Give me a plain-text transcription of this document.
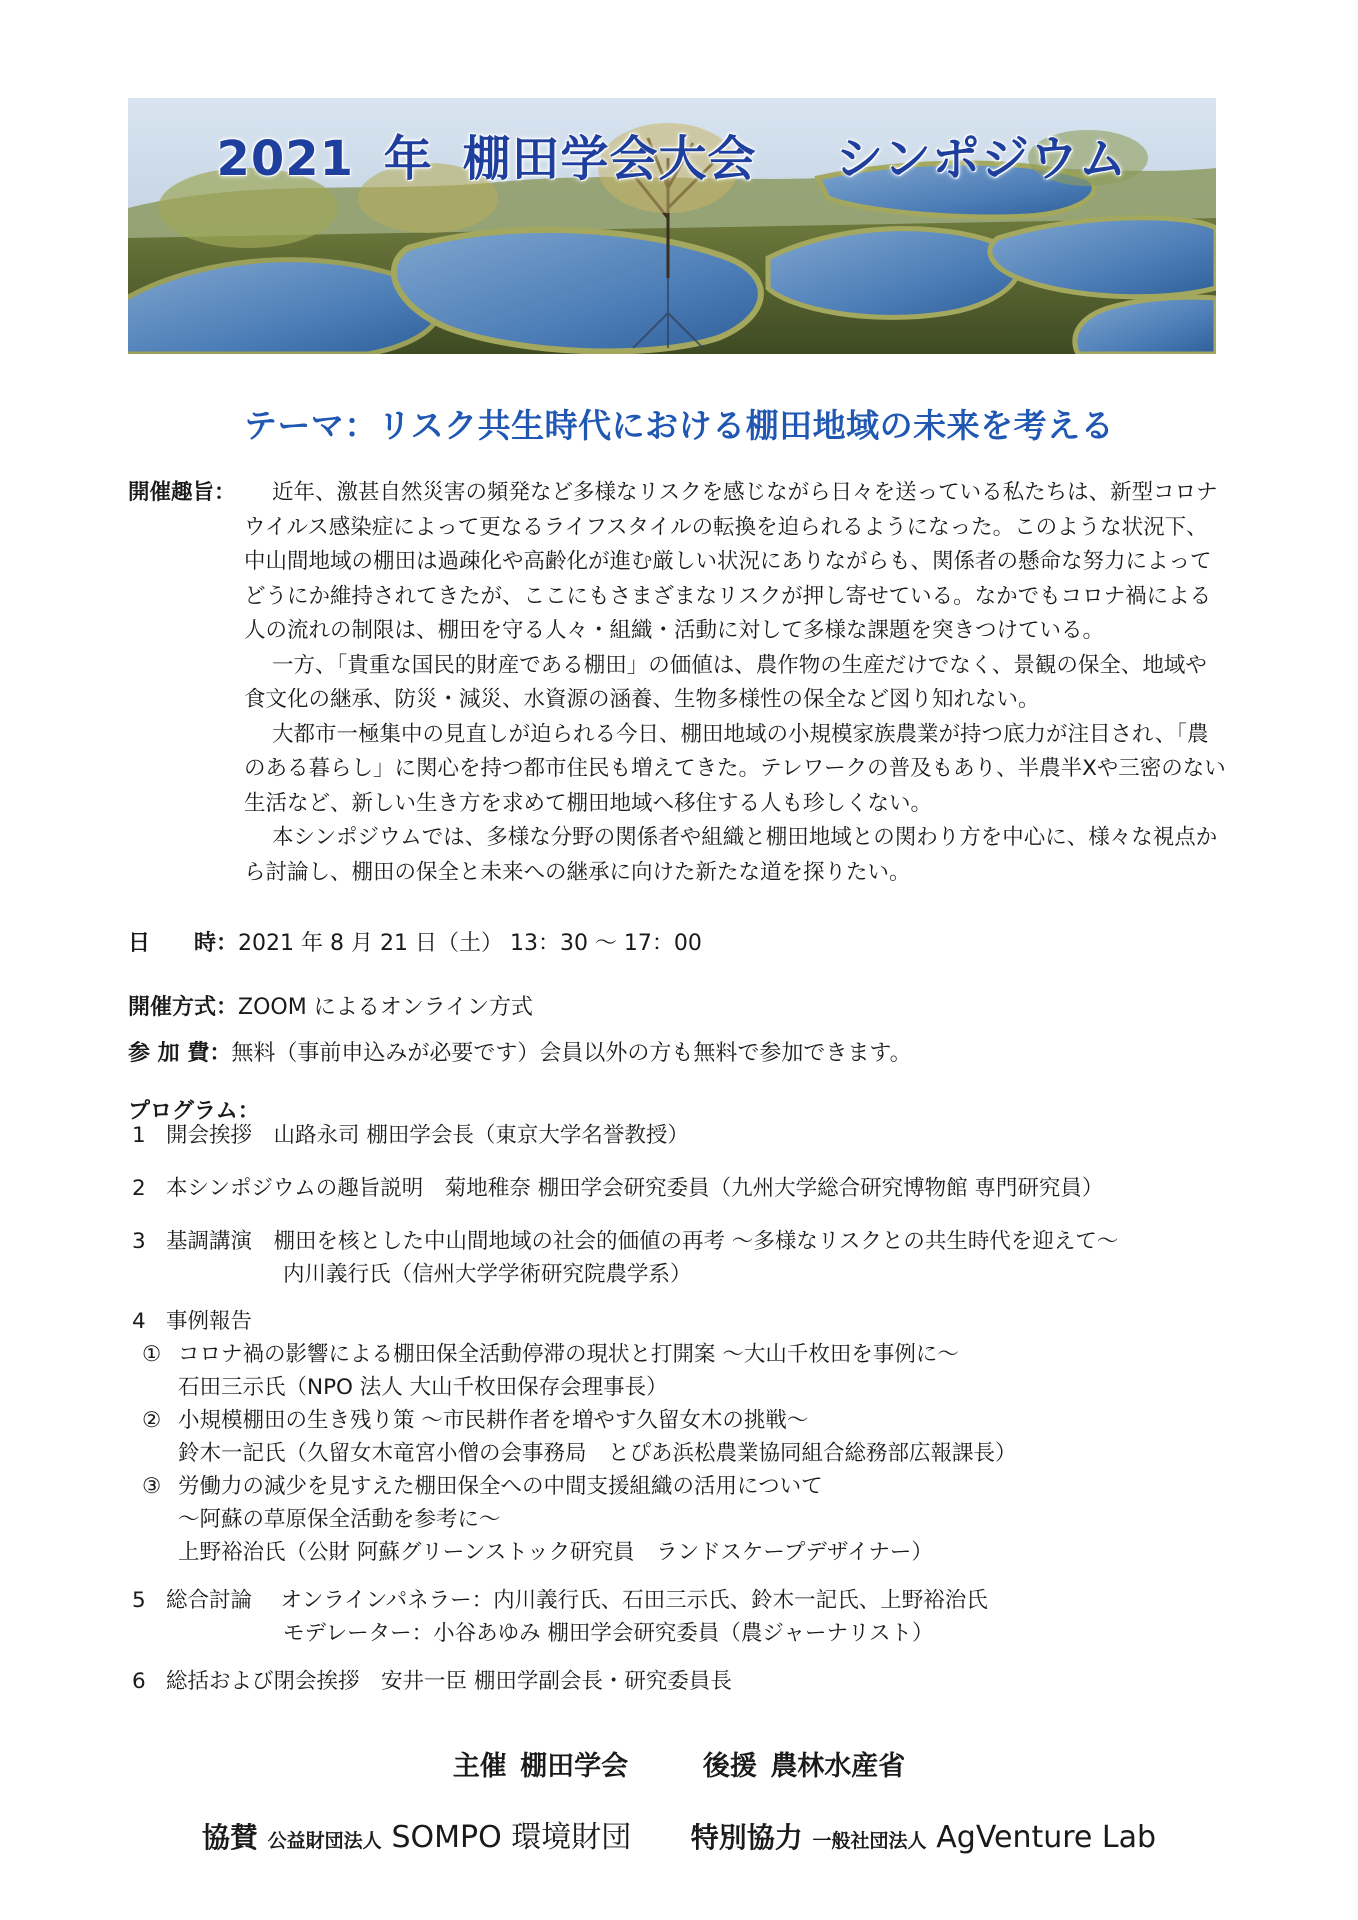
2021 年 棚田学会大会　 シンポジウム
テーマ：リスク共生時代における棚田地域の未来を考える
開催趣旨：	近年、激甚自然災害の頻発など多様なリスクを感じながら日々を送っている私たちは、新型コロナウイルス感染症によって更なるライフスタイルの転換を迫られるようになった。このような状況下、中山間地域の棚田は過疎化や高齢化が進む厳しい状況にありながらも、関係者の懸命な努力によってどうにか維持されてきたが、ここにもさまざまなリスクが押し寄せている。なかでもコロナ禍による人の流れの制限は、棚田を守る人々・組織・活動に対して多様な課題を突きつけている。
一方、「貴重な国民的財産である棚田」の価値は、農作物の生産だけでなく、景観の保全、地域や食文化の継承、防災・減災、水資源の涵養、生物多様性の保全など図り知れない。
大都市一極集中の見直しが迫られる今日、棚田地域の小規模家族農業が持つ底力が注目され、「農のある暮らし」に関心を持つ都市住民も増えてきた。テレワークの普及もあり、半農半Xや三密のない生活など、新しい生き方を求めて棚田地域へ移住する人も珍しくない。
本シンポジウムでは、多様な分野の関係者や組織と棚田地域との関わり方を中心に、様々な視点から討論し、棚田の保全と未来への継承に向けた新たな道を探りたい。
日　　時：2021 年 8 月 21 日（土） 13：30 ～ 17：00
開催方式：ZOOM によるオンライン方式
参 加 費：無料（事前申込みが必要です）会員以外の方も無料で参加できます。
プログラム：
1 開会挨拶　山路永司 棚田学会長（東京大学名誉教授）
2 本シンポジウムの趣旨説明　菊地稚奈 棚田学会研究委員（九州大学総合研究博物館 専門研究員）
3 基調講演　棚田を核とした中山間地域の社会的価値の再考 ～多様なリスクとの共生時代を迎えて～
内川義行氏（信州大学学術研究院農学系）
4 事例報告
① コロナ禍の影響による棚田保全活動停滞の現状と打開案 ～大山千枚田を事例に～
石田三示氏（NPO 法人 大山千枚田保存会理事長）
② 小規模棚田の生き残り策 ～市民耕作者を増やす久留女木の挑戦～
鈴木一記氏（久留女木竜宮小僧の会事務局　とぴあ浜松農業協同組合総務部広報課長）
③ 労働力の減少を見すえた棚田保全への中間支援組織の活用について
～阿蘇の草原保全活動を参考に～
上野裕治氏（公財 阿蘇グリーンストック研究員　ランドスケープデザイナー）
5 総合討論　 オンラインパネラー：内川義行氏、石田三示氏、鈴木一記氏、上野裕治氏
モデレーター：小谷あゆみ 棚田学会研究委員（農ジャーナリスト）
6 総括および閉会挨拶　安井一臣 棚田学副会長・研究委員長
主催 棚田学会	後援 農林水産省
協賛 公益財団法人 SOMPO 環境財団 特別協力 一般社団法人 AgVenture Lab
